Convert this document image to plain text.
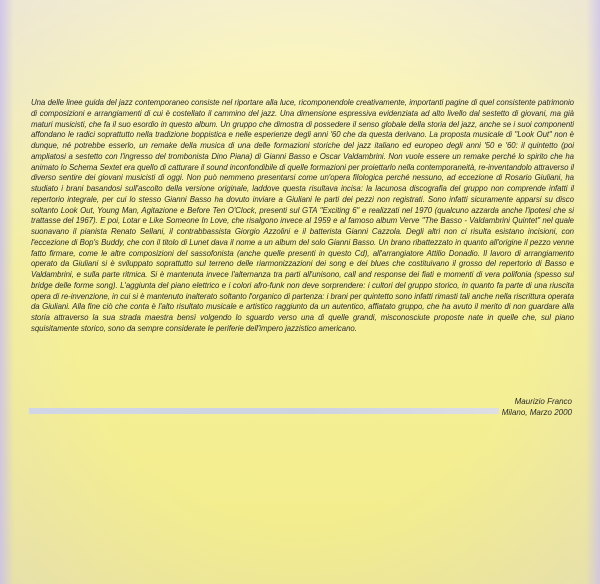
Una delle linee guida del jazz contemporaneo consiste nel riportare alla luce, ricomponendole creativamente, importanti pagine di quel consistente patrimonio di composizioni e arrangiamenti di cui è costellato il cammino del jazz. Una dimensione espressiva evidenziata ad alto livello dal sestetto di giovani, ma già maturi musicisti, che fa il suo esordio in questo album. Un gruppo che dimostra di possedere il senso globale della storia del jazz, anche se i suoi componenti affondano le radici soprattutto nella tradizione boppistica e nelle esperienze degli anni '60 che da questa derivano. La proposta musicale di "Look Out" non è dunque, né potrebbe esserlo, un remake della musica di una delle formazioni storiche del jazz italiano ed europeo degli anni '50 e '60: il quintetto (poi ampliatosi a sestetto con l'ingresso del trombonista Dino Piana) di Gianni Basso e Oscar Valdambrini. Non vuole essere un remake perché lo spirito che ha animato lo Schema Sextet era quello di catturare il sound inconfondibile di quelle formazioni per proiettarlo nella contemporaneità, re-inventandolo attraverso il diverso sentire dei giovani musicisti di oggi. Non può nemmeno presentarsi come un'opera filologica perché nessuno, ad eccezione di Rosario Giuliani, ha studiato i brani basandosi sull'ascolto della versione originale, laddove questa risultava incisa: la lacunosa discografia del gruppo non comprende infatti il repertorio integrale, per cui lo stesso Gianni Basso ha dovuto inviare a Giuliani le parti dei pezzi non registrati. Sono infatti sicuramente apparsi su disco soltanto Look Out, Young Man, Agitazione e Before Ten O'Clock, presenti sul GTA "Exciting 6" e realizzati nel 1970 (qualcuno azzarda anche l'ipotesi che si trattasse del 1967). E poi, Lotar e Like Someone In Love, che risalgono invece al 1959 e al famoso album Verve "The Basso - Valdambrini Quintet" nel quale suonavano il pianista Renato Sellani, il contrabbassista Giorgio Azzolini e il batterista Gianni Cazzola. Degli altri non ci risulta esistano incisioni, con l'eccezione di Bop's Buddy, che con il titolo di Lunet dava il nome a un album del solo Gianni Basso. Un brano ribattezzato in quanto all'origine il pezzo venne fatto firmare, come le altre composizioni del sassofonista (anche quelle presenti in questo Cd), all'arrangiatore Attilio Donadio. Il lavoro di arrangiamento operato da Giuliani si è sviluppato soprattutto sul terreno delle riarmonizzazioni dei song e dei blues che costituivano il grosso del repertorio di Basso e Valdambrini, e sulla parte ritmica. Si è mantenuta invece l'alternanza tra parti all'unisono, call and response dei fiati e momenti di vera polifonia (spesso sul bridge delle forme song). L'aggiunta del piano elettrico e i colori afro-funk non deve sorprendere: i cultori del gruppo storico, in quanto fa parte di una riuscita opera di re-invenzione, in cui si è mantenuto inalterato soltanto l'organico di partenza: i brani per quintetto sono infatti rimasti tali anche nella riscrittura operata da Giuliani. Alla fine ciò che conta è l'alto risultato musicale e artistico raggiunto da un autentico, affiatato gruppo, che ha avuto il merito di non guardare alla storia attraverso la sua strada maestra bensì volgendo lo sguardo verso una di quelle grandi, misconosciute proposte nate in quelle che, sul piano squisitamente storico, sono da sempre considerate le periferie dell'impero jazzistico americano.

Maurizio Franco
Milano, Marzo 2000
